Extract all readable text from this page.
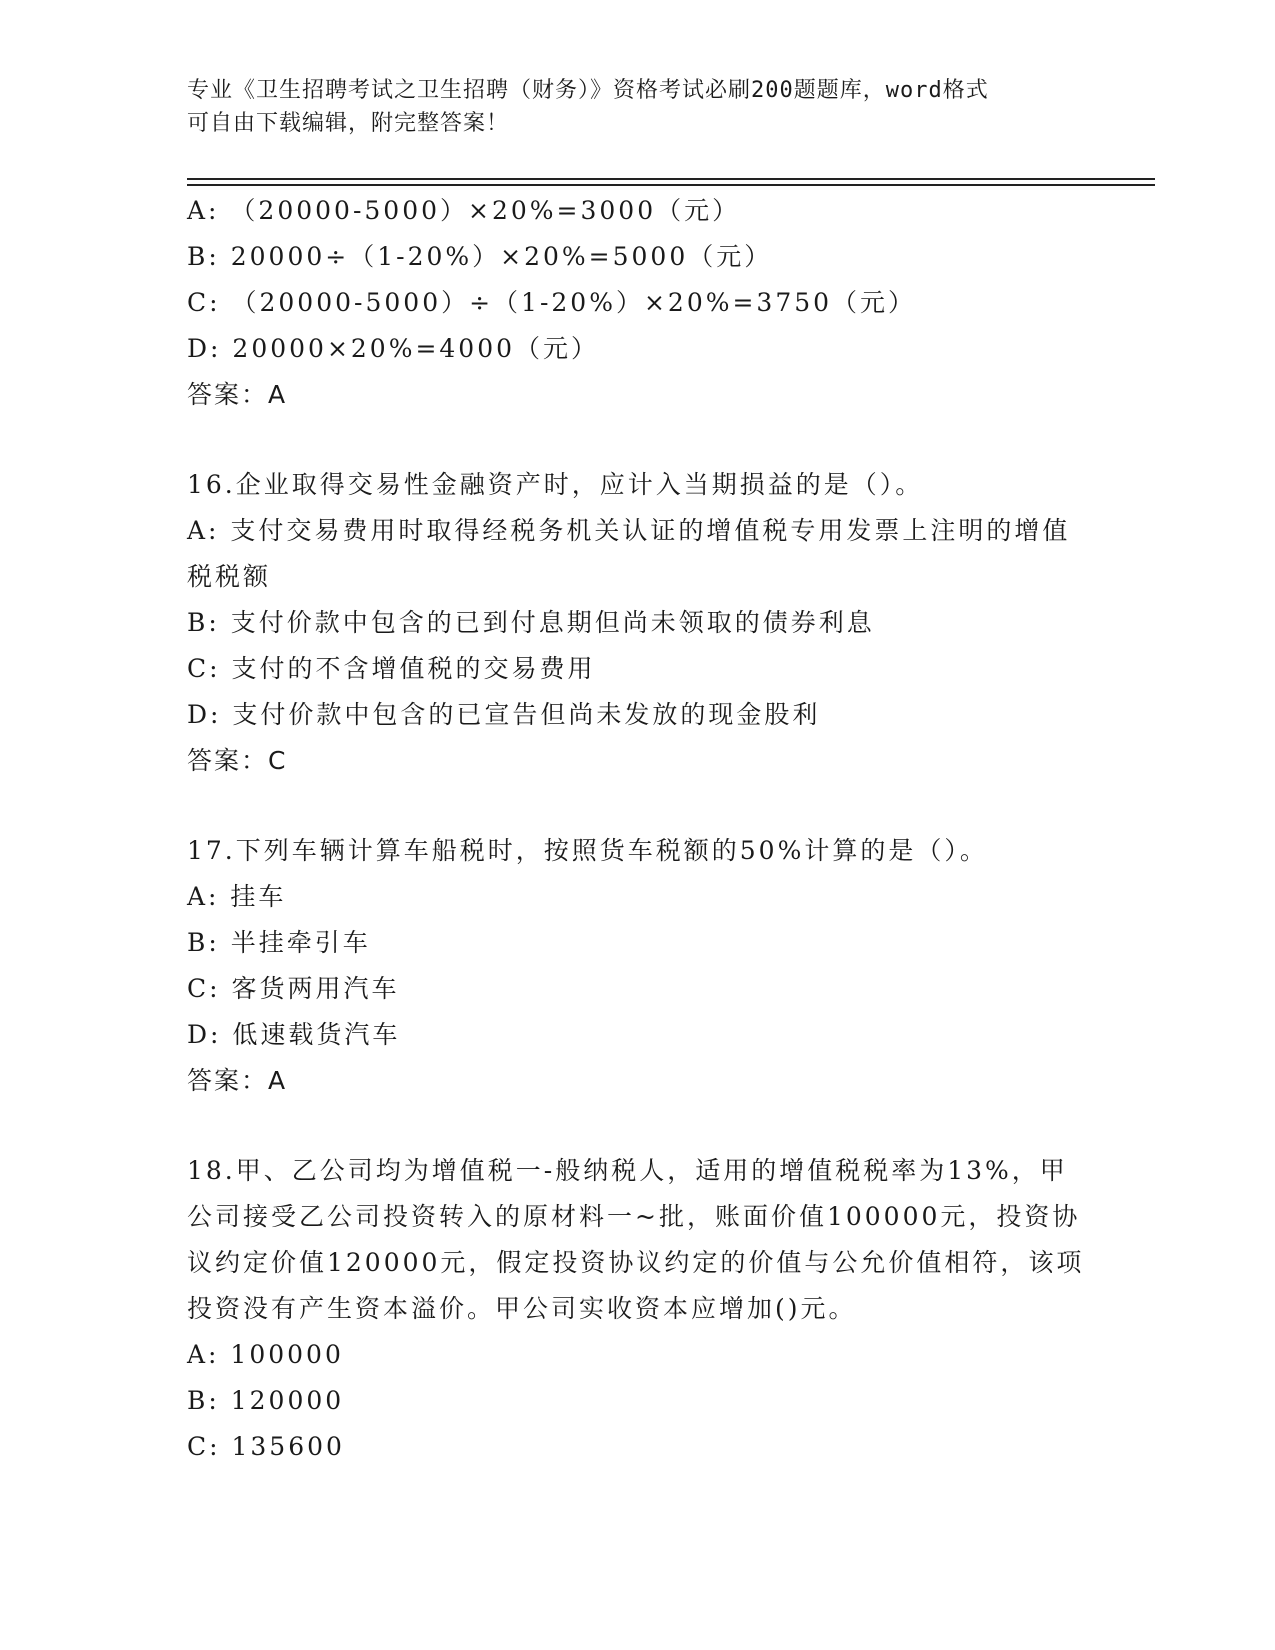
专业《卫生招聘考试之卫生招聘（财务）》资格考试必刷200题题库，word格式
可自由下载编辑，附完整答案！
A: （20000-5000）×20%=3000（元）
B: 20000÷（1-20%）×20%=5000（元）
C: （20000-5000）÷（1-20%）×20%=3750（元）
D: 20000×20%=4000（元）
答案：A
16.企业取得交易性金融资产时，应计入当期损益的是（）。
A: 支付交易费用时取得经税务机关认证的增值税专用发票上注明的增值税税额
B: 支付价款中包含的已到付息期但尚未领取的债券利息
C: 支付的不含增值税的交易费用
D: 支付价款中包含的已宣告但尚未发放的现金股利
答案：C
17.下列车辆计算车船税时，按照货车税额的50%计算的是（）。
A: 挂车
B: 半挂牵引车
C: 客货两用汽车
D: 低速载货汽车
答案：A
18.甲、乙公司均为增值税一-般纳税人，适用的增值税税率为13%，甲公司接受乙公司投资转入的原材料一~批，账面价值100000元，投资协议约定价值120000元，假定投资协议约定的价值与公允价值相符，该项投资没有产生资本溢价。甲公司实收资本应增加()元。
A: 100000
B: 120000
C: 135600
